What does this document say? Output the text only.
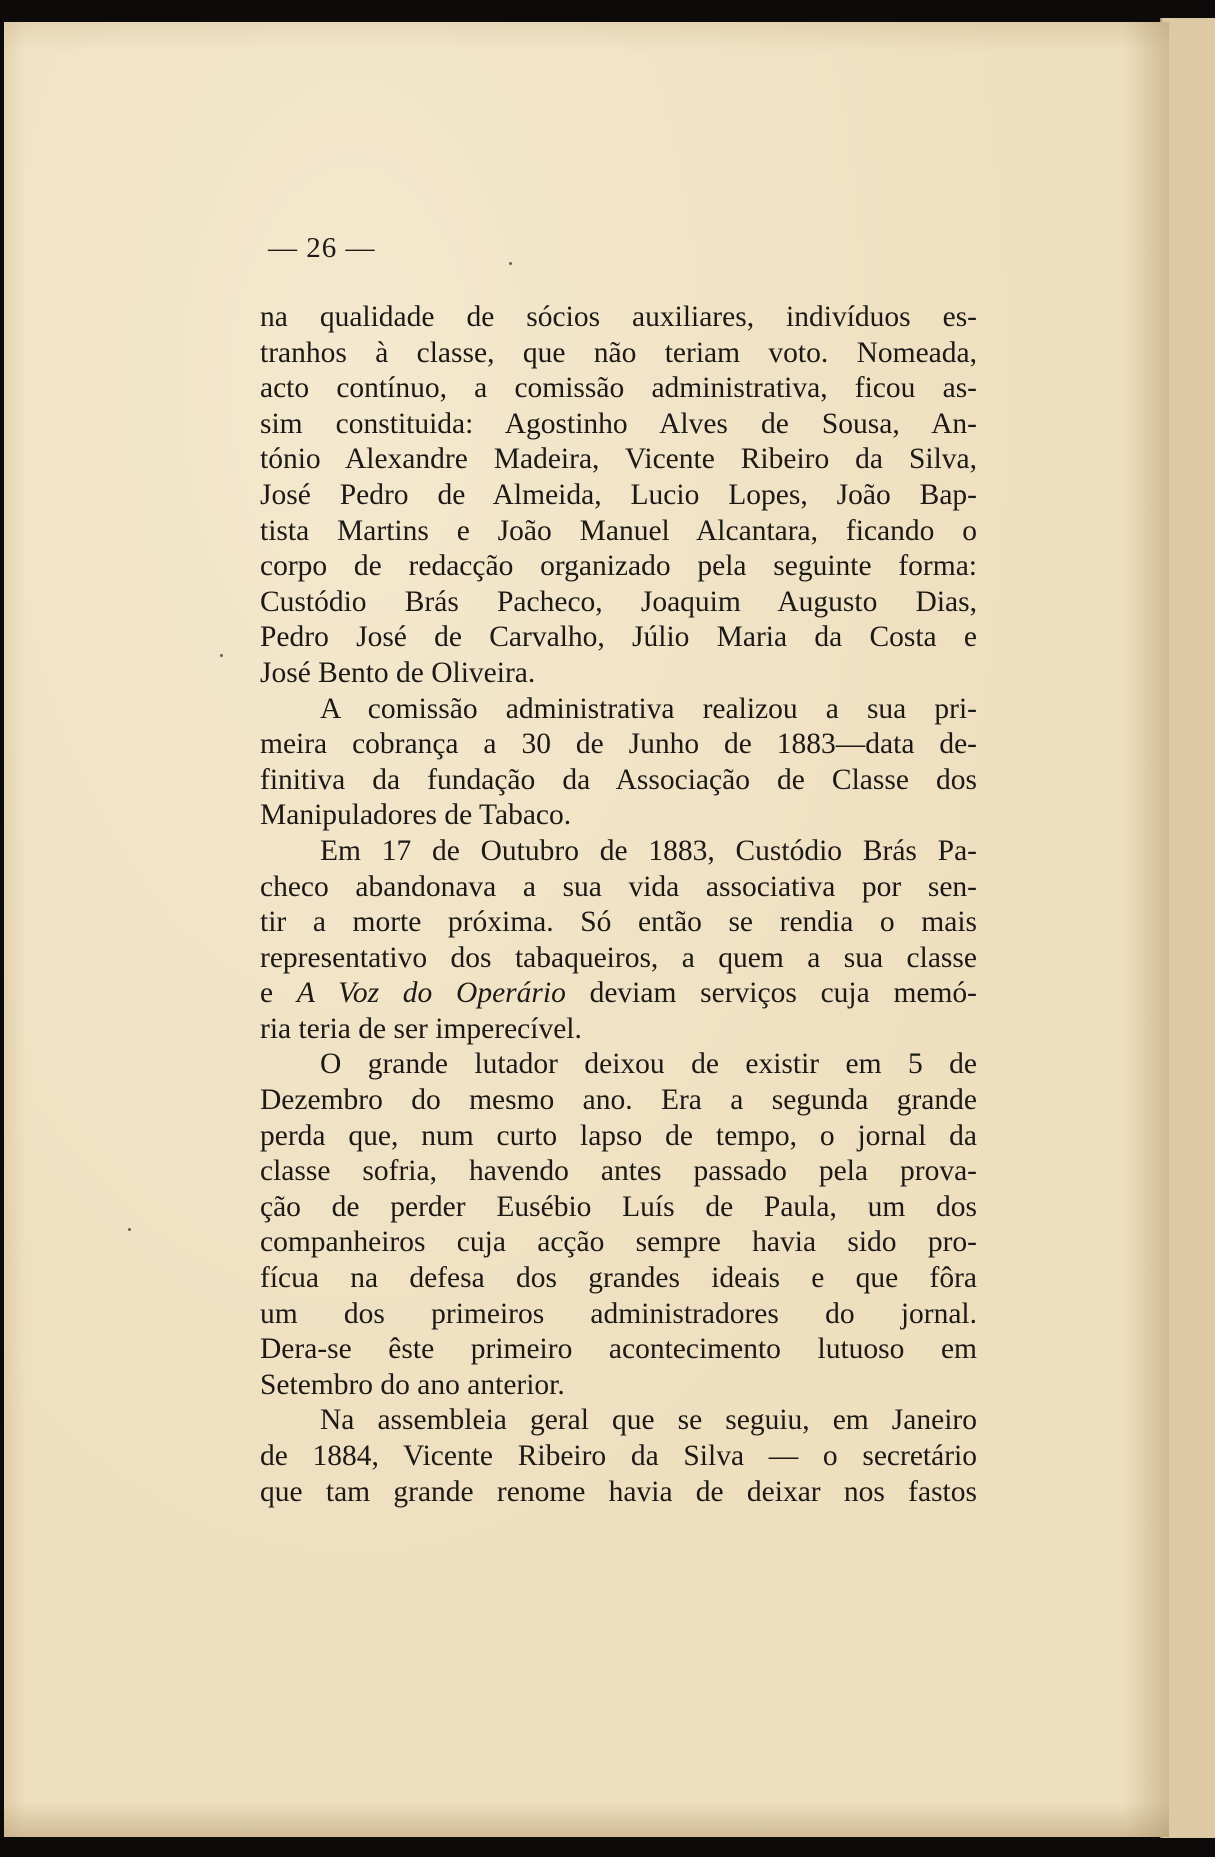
— 26 —
na qualidade de sócios auxiliares, indivíduos es-
tranhos à classe, que não teriam voto. Nomeada,
acto contínuo, a comissão administrativa, ficou as-
sim constituida: Agostinho Alves de Sousa, An-
tónio Alexandre Madeira, Vicente Ribeiro da Silva,
José Pedro de Almeida, Lucio Lopes, João Bap-
tista Martins e João Manuel Alcantara, ficando o
corpo de redacção organizado pela seguinte forma:
Custódio Brás Pacheco, Joaquim Augusto Dias,
Pedro José de Carvalho, Júlio Maria da Costa e
José Bento de Oliveira.
A comissão administrativa realizou a sua pri-
meira cobrança a 30 de Junho de 1883—data de-
finitiva da fundação da Associação de Classe dos
Manipuladores de Tabaco.
Em 17 de Outubro de 1883, Custódio Brás Pa-
checo abandonava a sua vida associativa por sen-
tir a morte próxima. Só então se rendia o mais
representativo dos tabaqueiros, a quem a sua classe
e A Voz do Operário deviam serviços cuja memó-
ria teria de ser imperecível.
O grande lutador deixou de existir em 5 de
Dezembro do mesmo ano. Era a segunda grande
perda que, num curto lapso de tempo, o jornal da
classe sofria, havendo antes passado pela prova-
ção de perder Eusébio Luís de Paula, um dos
companheiros cuja acção sempre havia sido pro-
fícua na defesa dos grandes ideais e que fôra
um dos primeiros administradores do jornal.
Dera-se êste primeiro acontecimento lutuoso em
Setembro do ano anterior.
Na assembleia geral que se seguiu, em Janeiro
de 1884, Vicente Ribeiro da Silva — o secretário
que tam grande renome havia de deixar nos fastos
